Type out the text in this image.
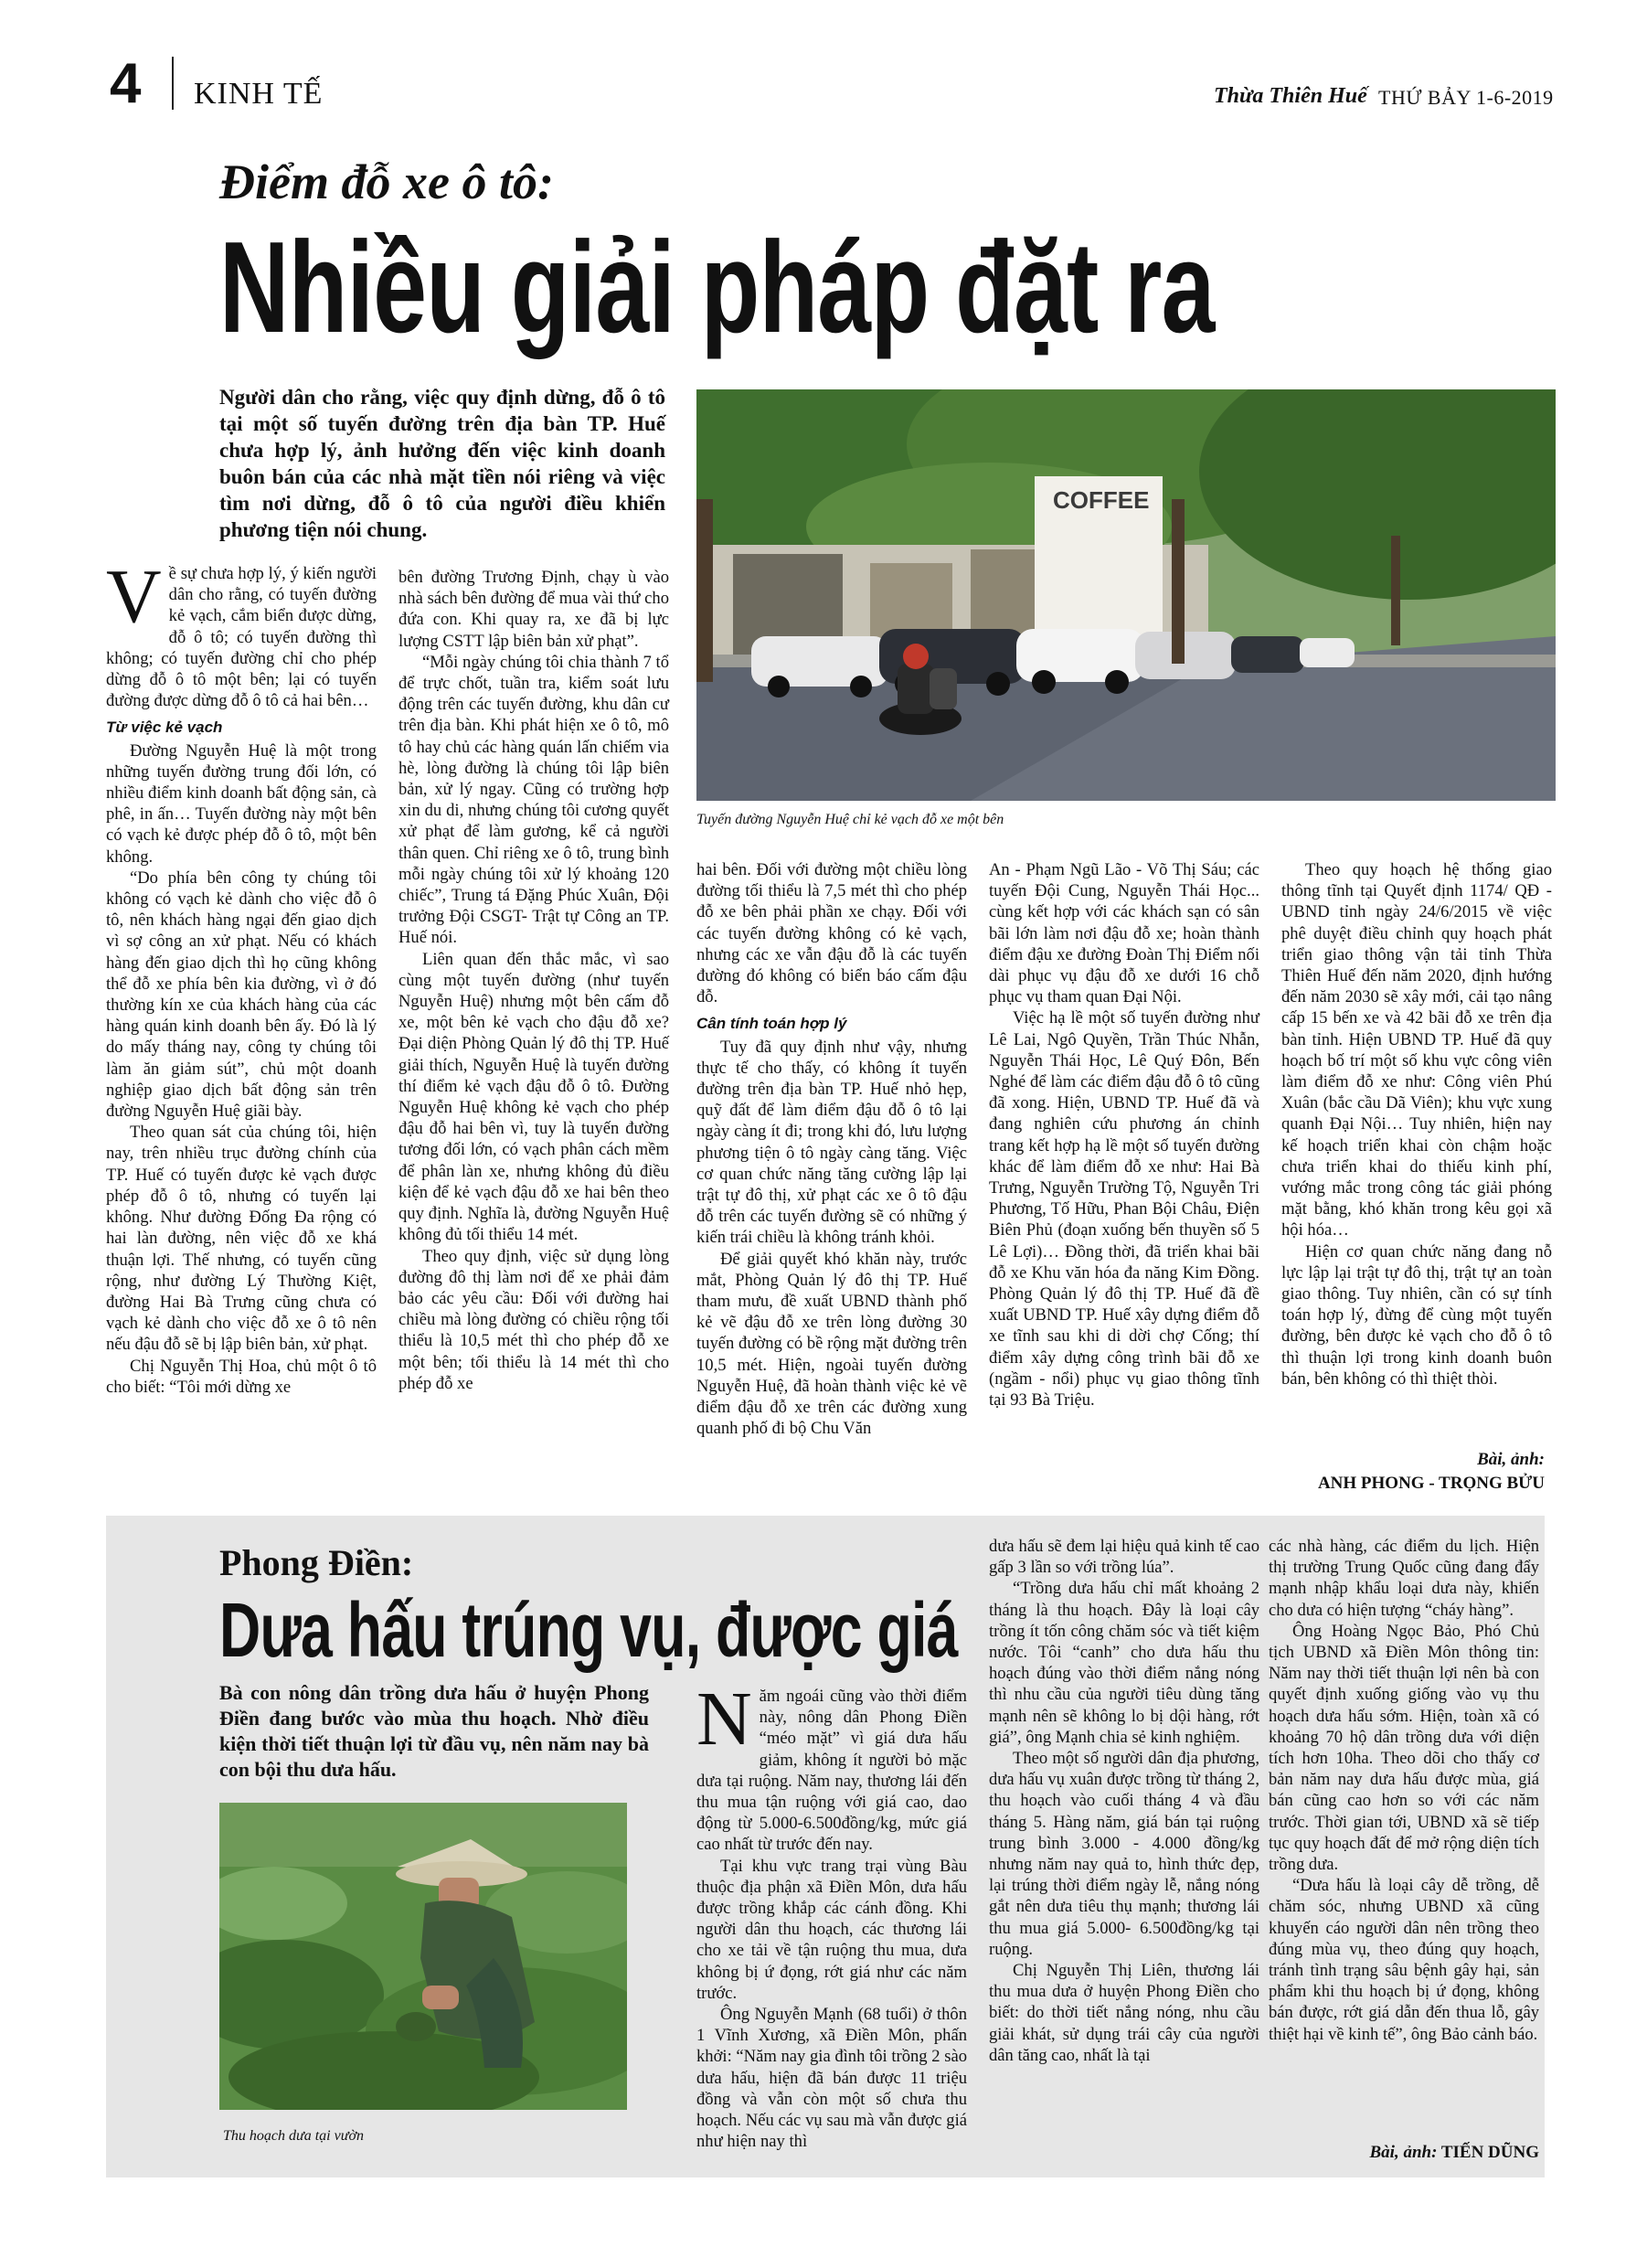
4 KINH TẾ	Thừa Thiên Huế THỨ BẢY 1-6-2019
Điểm đỗ xe ô tô:
Nhiều giải pháp đặt ra
Người dân cho rằng, việc quy định dừng, đỗ ô tô tại một số tuyến đường trên địa bàn TP. Huế chưa hợp lý, ảnh hưởng đến việc kinh doanh buôn bán của các nhà mặt tiền nói riêng và việc tìm nơi dừng, đỗ ô tô của người điều khiển phương tiện nói chung.
COFFEE
Tuyến đường Nguyễn Huệ chỉ kẻ vạch đỗ xe một bên

Về sự chưa hợp lý, ý kiến người dân cho rằng, có tuyến đường kẻ vạch, cắm biển được dừng, đỗ ô tô; có tuyến đường thì không; có tuyến đường chỉ cho phép dừng đỗ ô tô một bên; lại có tuyến đường được dừng đỗ ô tô cả hai bên…

Từ việc kẻ vạch

Đường Nguyễn Huệ là một trong những tuyến đường trung đối lớn, có nhiều điểm kinh doanh bất động sản, cà phê, in ấn… Tuyến đường này một bên có vạch kẻ được phép đỗ ô tô, một bên không.

“Do phía bên công ty chúng tôi không có vạch kẻ dành cho việc đỗ ô tô, nên khách hàng ngại đến giao dịch vì sợ công an xử phạt. Nếu có khách hàng đến giao dịch thì họ cũng không thể đỗ xe phía bên kia đường, vì ở đó thường kín xe của khách hàng của các hàng quán kinh doanh bên ấy. Đó là lý do mấy tháng nay, công ty chúng tôi làm ăn giảm sút”, chủ một doanh nghiệp giao dịch bất động sản trên đường Nguyễn Huệ giãi bày.

Theo quan sát của chúng tôi, hiện nay, trên nhiều trục đường chính của TP. Huế có tuyến được kẻ vạch được phép đỗ ô tô, nhưng có tuyến lại không. Như đường Đống Đa rộng có hai làn đường, nên việc đỗ xe khá thuận lợi. Thế nhưng, có tuyến cũng rộng, như đường Lý Thường Kiệt, đường Hai Bà Trưng cũng chưa có vạch kẻ dành cho việc đỗ xe ô tô nên nếu đậu đỗ sẽ bị lập biên bản, xử phạt.

Chị Nguyễn Thị Hoa, chủ một ô tô cho biết: “Tôi mới dừng xe

bên đường Trương Định, chạy ù vào nhà sách bên đường để mua vài thứ cho đứa con. Khi quay ra, xe đã bị lực lượng CSTT lập biên bản xử phạt”.

“Mỗi ngày chúng tôi chia thành 7 tổ để trực chốt, tuần tra, kiểm soát lưu động trên các tuyến đường, khu dân cư trên địa bàn. Khi phát hiện xe ô tô, mô tô hay chủ các hàng quán lấn chiếm via hè, lòng đường là chúng tôi lập biên bản, xử lý ngay. Cũng có trường hợp xin du di, nhưng chúng tôi cương quyết xử phạt để làm gương, kể cả người thân quen. Chỉ riêng xe ô tô, trung bình mỗi ngày chúng tôi xử lý khoảng 120 chiếc”, Trung tá Đặng Phúc Xuân, Đội trưởng Đội CSGT- Trật tự Công an TP. Huế nói.

Liên quan đến thắc mắc, vì sao cùng một tuyến đường (như tuyến Nguyễn Huệ) nhưng một bên cấm đỗ xe, một bên kẻ vạch cho đậu đỗ xe? Đại diện Phòng Quản lý đô thị TP. Huế giải thích, Nguyễn Huệ là tuyến đường thí điểm kẻ vạch đậu đỗ ô tô. Đường Nguyễn Huệ không kẻ vạch cho phép đậu đỗ hai bên vì, tuy là tuyến đường tương đối lớn, có vạch phân cách mềm để phân làn xe, nhưng không đủ điều kiện để kẻ vạch đậu đỗ xe hai bên theo quy định. Nghĩa là, đường Nguyễn Huệ không đủ tối thiểu 14 mét.

Theo quy định, việc sử dụng lòng đường đô thị làm nơi để xe phải đảm bảo các yêu cầu: Đối với đường hai chiều mà lòng đường có chiều rộng tối thiểu là 10,5 mét thì cho phép đỗ xe một bên; tối thiểu là 14 mét thì cho phép đỗ xe

hai bên. Đối với đường một chiều lòng đường tối thiểu là 7,5 mét thì cho phép đỗ xe bên phải phần xe chạy. Đối với các tuyến đường không có kẻ vạch, nhưng các xe vẫn đậu đỗ là các tuyến đường đó không có biển báo cấm đậu đỗ.

Cân tính toán hợp lý

Tuy đã quy định như vậy, nhưng thực tế cho thấy, có không ít tuyến đường trên địa bàn TP. Huế nhỏ hẹp, quỹ đất để làm điểm đậu đỗ ô tô lại ngày càng ít đi; trong khi đó, lưu lượng phương tiện ô tô ngày càng tăng. Việc cơ quan chức năng tăng cường lập lại trật tự đô thị, xử phạt các xe ô tô đậu đỗ trên các tuyến đường sẽ có những ý kiến trái chiều là không tránh khỏi.

Để giải quyết khó khăn này, trước mắt, Phòng Quản lý đô thị TP. Huế tham mưu, đề xuất UBND thành phố kẻ vẽ đậu đỗ xe trên lòng đường 30 tuyến đường có bề rộng mặt đường trên 10,5 mét. Hiện, ngoài tuyến đường Nguyễn Huệ, đã hoàn thành việc kẻ vẽ điểm đậu đỗ xe trên các đường xung quanh phố đi bộ Chu Văn

An - Phạm Ngũ Lão - Võ Thị Sáu; các tuyến Đội Cung, Nguyễn Thái Học... cùng kết hợp với các khách sạn có sân bãi lớn làm nơi đậu đỗ xe; hoàn thành điểm đậu xe đường Đoàn Thị Điểm nối dài phục vụ đậu đỗ xe dưới 16 chỗ phục vụ tham quan Đại Nội.

Việc hạ lề một số tuyến đường như Lê Lai, Ngô Quyền, Trần Thúc Nhẫn, Nguyễn Thái Học, Lê Quý Đôn, Bến Nghé để làm các điểm đậu đỗ ô tô cũng đã xong. Hiện, UBND TP. Huế đã và đang nghiên cứu phương án chỉnh trang kết hợp hạ lề một số tuyến đường khác để làm điểm đỗ xe như: Hai Bà Trưng, Nguyễn Trường Tộ, Nguyễn Tri Phương, Tố Hữu, Phan Bội Châu, Điện Biên Phủ (đoạn xuống bến thuyền số 5 Lê Lợi)… Đồng thời, đã triển khai bãi đỗ xe Khu văn hóa đa năng Kim Đồng. Phòng Quản lý đô thị TP. Huế đã đề xuất UBND TP. Huế xây dựng điểm đỗ xe tĩnh sau khi di dời chợ Cống; thí điểm xây dựng công trình bãi đỗ xe (ngầm - nổi) phục vụ giao thông tĩnh tại 93 Bà Triệu.

Theo quy hoạch hệ thống giao thông tĩnh tại Quyết định 1174/ QĐ - UBND tỉnh ngày 24/6/2015 về việc phê duyệt điều chỉnh quy hoạch phát triển giao thông vận tải tỉnh Thừa Thiên Huế đến năm 2020, định hướng đến năm 2030 sẽ xây mới, cải tạo nâng cấp 15 bến xe và 42 bãi đỗ xe trên địa bàn tỉnh. Hiện UBND TP. Huế đã quy hoạch bố trí một số khu vực công viên làm điểm đỗ xe như: Công viên Phú Xuân (bắc cầu Dã Viên); khu vực xung quanh Đại Nội… Tuy nhiên, hiện nay kế hoạch triển khai còn chậm hoặc chưa triển khai do thiếu kinh phí, vướng mắc trong công tác giải phóng mặt bằng, khó khăn trong kêu gọi xã hội hóa…

Hiện cơ quan chức năng đang nỗ lực lập lại trật tự đô thị, trật tự an toàn giao thông. Tuy nhiên, cần có sự tính toán hợp lý, đừng để cùng một tuyến đường, bên được kẻ vạch cho đỗ ô tô thì thuận lợi trong kinh doanh buôn bán, bên không có thì thiệt thòi.

Bài, ảnh:
ANH PHONG - TRỌNG BỬU
Phong Điền:
Dưa hấu trúng vụ, được giá
Bà con nông dân trồng dưa hấu ở huyện Phong Điền đang bước vào mùa thu hoạch. Nhờ điều kiện thời tiết thuận lợi từ đầu vụ, nên năm nay bà con bội thu dưa hấu.
Thu hoạch dưa tại vườn

Năm ngoái cũng vào thời điểm này, nông dân Phong Điền “méo mặt” vì giá dưa hấu giảm, không ít người bỏ mặc dưa tại ruộng. Năm nay, thương lái đến thu mua tận ruộng với giá cao, dao động từ 5.000-6.500đồng/kg, mức giá cao nhất từ trước đến nay.

Tại khu vực trang trại vùng Bàu thuộc địa phận xã Điền Môn, dưa hấu được trồng khắp các cánh đồng. Khi người dân thu hoạch, các thương lái cho xe tải về tận ruộng thu mua, dưa không bị ứ đọng, rớt giá như các năm trước.

Ông Nguyễn Mạnh (68 tuổi) ở thôn 1 Vĩnh Xương, xã Điền Môn, phấn khởi: “Năm nay gia đình tôi trồng 2 sào dưa hấu, hiện đã bán được 11 triệu đồng và vẫn còn một số chưa thu hoạch. Nếu các vụ sau mà vẫn được giá như hiện nay thì

dưa hấu sẽ đem lại hiệu quả kinh tế cao gấp 3 lần so với trồng lúa”.

“Trồng dưa hấu chỉ mất khoảng 2 tháng là thu hoạch. Đây là loại cây trồng ít tốn công chăm sóc và tiết kiệm nước. Tôi “canh” cho dưa hấu thu hoạch đúng vào thời điểm nắng nóng thì nhu cầu của người tiêu dùng tăng mạnh nên sẽ không lo bị dội hàng, rớt giá”, ông Mạnh chia sẻ kinh nghiệm.

Theo một số người dân địa phương, dưa hấu vụ xuân được trồng từ tháng 2, thu hoạch vào cuối tháng 4 và đầu tháng 5. Hàng năm, giá bán tại ruộng trung bình 3.000 - 4.000 đồng/kg nhưng năm nay quả to, hình thức đẹp, lại trúng thời điểm ngày lễ, nắng nóng gắt nên dưa tiêu thụ mạnh; thương lái thu mua giá 5.000- 6.500đồng/kg tại ruộng.

Chị Nguyễn Thị Liên, thương lái thu mua dưa ở huyện Phong Điền cho biết: do thời tiết nắng nóng, nhu cầu giải khát, sử dụng trái cây của người dân tăng cao, nhất là tại

các nhà hàng, các điểm du lịch. Hiện thị trường Trung Quốc cũng đang đẩy mạnh nhập khẩu loại dưa này, khiến cho dưa có hiện tượng “cháy hàng”.

Ông Hoàng Ngọc Bảo, Phó Chủ tịch UBND xã Điền Môn thông tin: Năm nay thời tiết thuận lợi nên bà con quyết định xuống giống vào vụ thu hoạch dưa hấu sớm. Hiện, toàn xã có khoảng 70 hộ dân trồng dưa với diện tích hơn 10ha. Theo dõi cho thấy cơ bản năm nay dưa hấu được mùa, giá bán cũng cao hơn so với các năm trước. Thời gian tới, UBND xã sẽ tiếp tục quy hoạch đất để mở rộng diện tích trồng dưa.

“Dưa hấu là loại cây dễ trồng, dễ chăm sóc, nhưng UBND xã cũng khuyến cáo người dân nên trồng theo đúng mùa vụ, theo đúng quy hoạch, tránh tình trạng sâu bệnh gây hại, sản phẩm khi thu hoạch bị ứ đọng, không bán được, rớt giá dẫn đến thua lỗ, gây thiệt hại về kinh tế”, ông Bảo cảnh báo.

Bài, ảnh: TIẾN DŨNG
